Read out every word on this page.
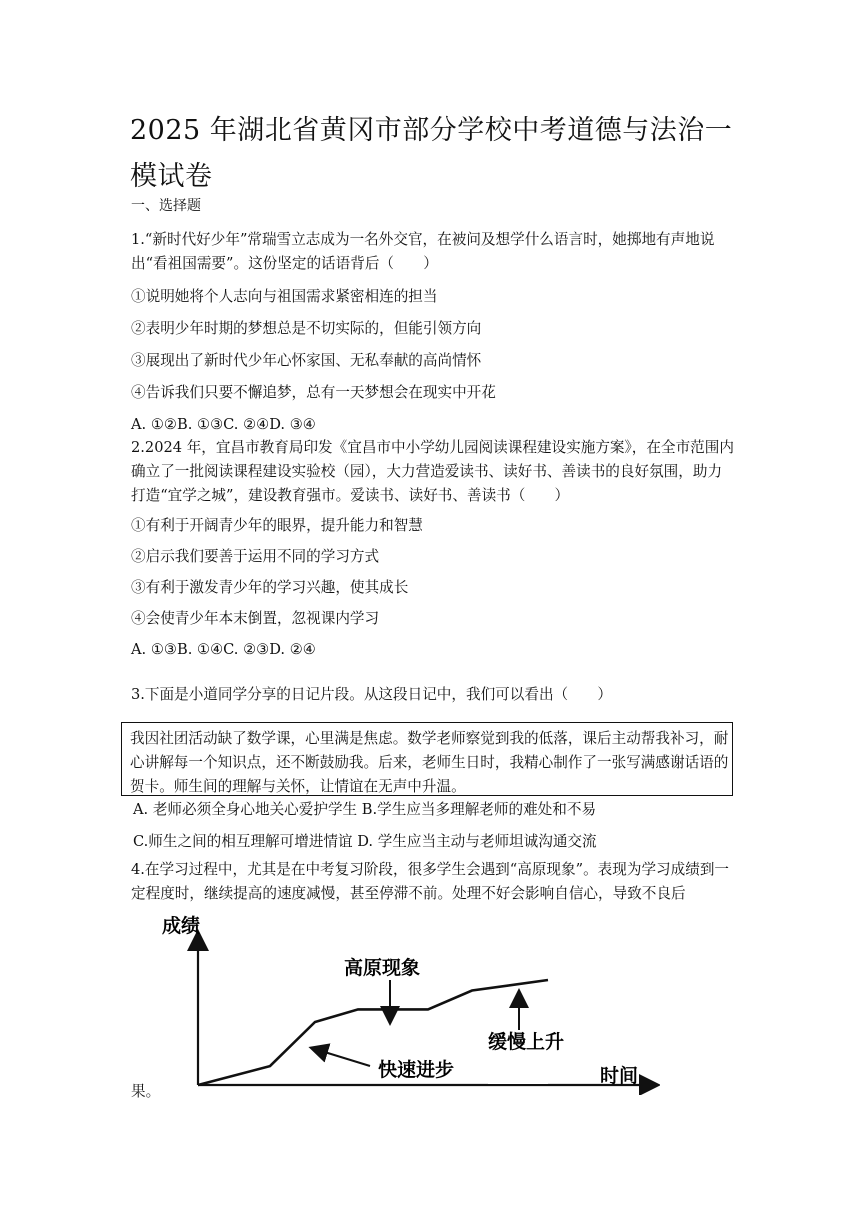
2025 年湖北省黄冈市部分学校中考道德与法治一模试卷
一、选择题
1.“新时代好少年”常瑞雪立志成为一名外交官，在被问及想学什么语言时，她掷地有声地说出“看祖国需要”。这份坚定的话语背后（　　）
①说明她将个人志向与祖国需求紧密相连的担当
②表明少年时期的梦想总是不切实际的，但能引领方向
③展现出了新时代少年心怀家国、无私奉献的高尚情怀
④告诉我们只要不懈追梦，总有一天梦想会在现实中开花
A. ①②B. ①③C. ②④D. ③④
2.2024 年，宜昌市教育局印发《宜昌市中小学幼儿园阅读课程建设实施方案》，在全市范围内确立了一批阅读课程建设实验校（园），大力营造爱读书、读好书、善读书的良好氛围，助力打造“宜学之城”，建设教育强市。爱读书、读好书、善读书（　　）
①有利于开阔青少年的眼界，提升能力和智慧
②启示我们要善于运用不同的学习方式
③有利于激发青少年的学习兴趣，使其成长
④会使青少年本末倒置，忽视课内学习
A. ①③B. ①④C. ②③D. ②④
3.下面是小道同学分享的日记片段。从这段日记中，我们可以看出（　　）
我因社团活动缺了数学课，心里满是焦虑。数学老师察觉到我的低落，课后主动帮我补习，耐心讲解每一个知识点，还不断鼓励我。后来，老师生日时，我精心制作了一张写满感谢话语的贺卡。师生间的理解与关怀，让情谊在无声中升温。
A. 老师必须全身心地关心爱护学生 B.学生应当多理解老师的难处和不易
C.师生之间的相互理解可增进情谊 D. 学生应当主动与老师坦诚沟通交流
4.在学习过程中，尤其是在中考复习阶段，很多学生会遇到“高原现象”。表现为学习成绩到一定程度时，继续提高的速度减慢，甚至停滞不前。处理不好会影响自信心，导致不良后
成绩
时间
高原现象
缓慢上升
快速进步
果。
